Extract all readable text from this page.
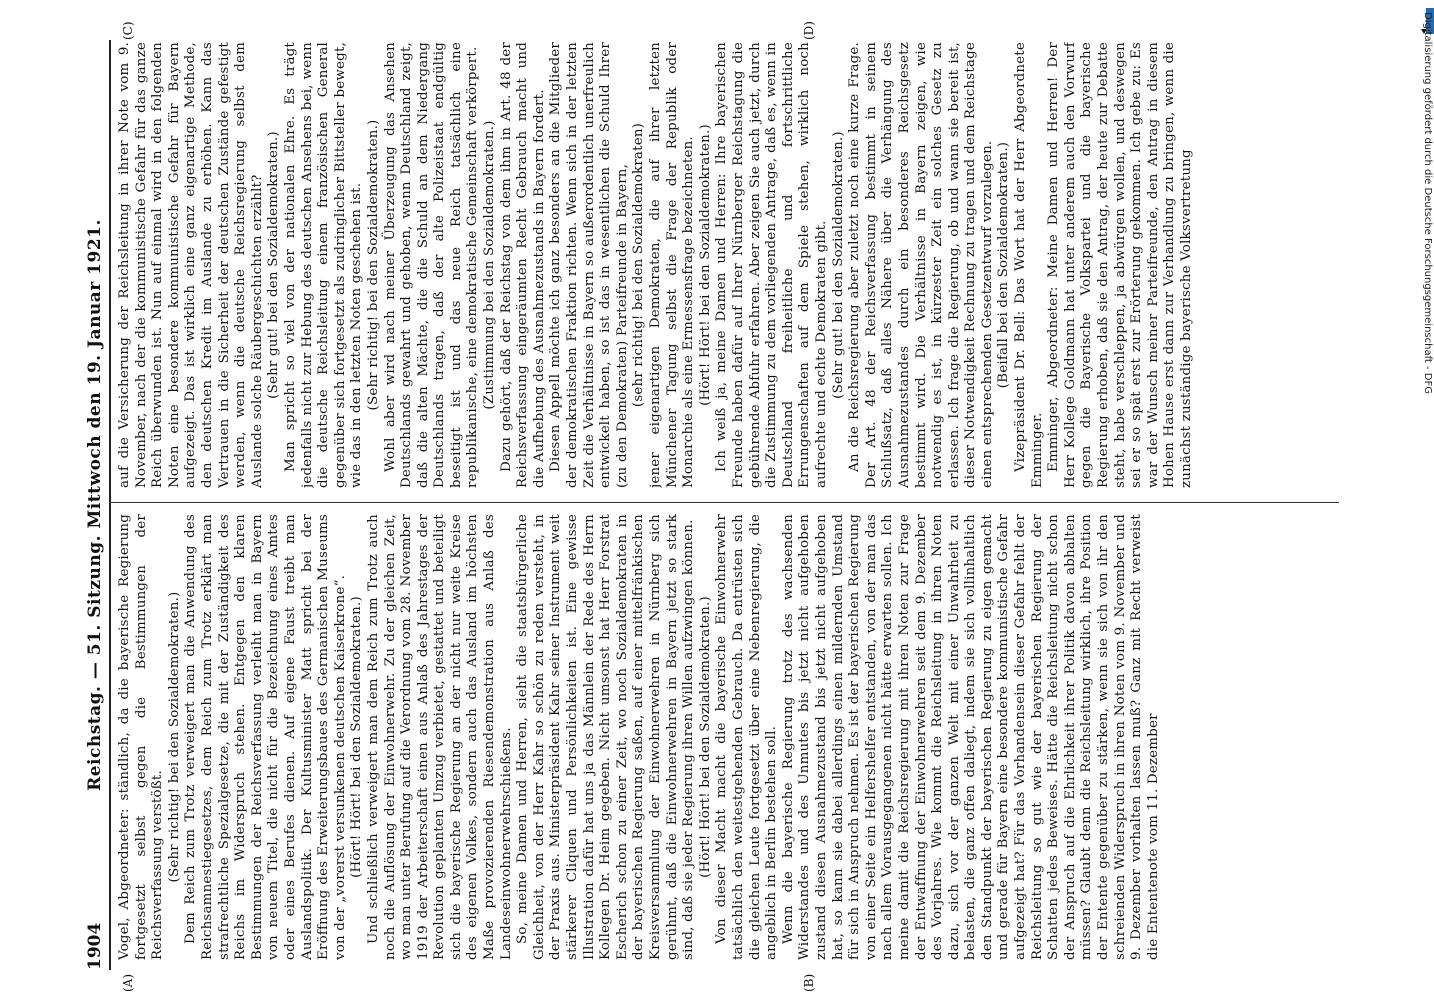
1904
Reichstag. — 51. Sitzung. Mittwoch den 19. Januar 1921.
(A)	(B)
(C)	(D)

Vogel, Abgeordneter: ständlich, da die bayerische Regierung fortgesetzt selbst gegen die Bestimmungen der Reichsverfassung verstößt. (Sehr richtig! bei den Sozialdemokraten.) Dem Reich zum Trotz verweigert man die Anwendung des Reichsamnestiegesetzes, dem Reich zum Trotz erklärt man strafrechtliche Spezialgesetze, die mit der Zuständigkeit des Reichs im Widerspruch stehen. Entgegen den klaren Bestimmungen der Reichsverfassung verleiht man in Bayern von neuem Titel, die nicht für die Bezeichnung eines Amtes oder eines Berufes dienen. Auf eigene Faust treibt man Auslandspolitik. Der Kultusminister Matt spricht bei der Eröffnung des Erweiterungsbaues des Germanischen Museums von der „vorerst versunkenen deutschen Kaiserkrone“. (Hört! Hört! bei den Sozialdemokraten.) Und schließlich verweigert man dem Reich zum Trotz auch noch die Auflösung der Einwohnerwehr. Zu der gleichen Zeit, wo man unter Berufung auf die Verordnung vom 28. November 1919 der Arbeiterschaft einen aus Anlaß des Jahrestages der Revolution geplanten Umzug verbietet, gestattet und beteiligt sich die bayerische Regierung an der nicht nur weite Kreise des eigenen Volkes, sondern auch das Ausland im höchsten Maße provozierenden Riesendemonstration aus Anlaß des Landeseinwohnerwehrschießens. So, meine Damen und Herren, sieht die staatsbürgerliche Gleichheit, von der Herr Kahr so schön zu reden versteht, in der Praxis aus. Ministerpräsident Kahr seiner Instrument weit stärkerer Cliquen und Persönlichkeiten ist. Eine gewisse Illustration dafür hat uns ja das Männlein der Rede des Herrn Kollegen Dr. Heim gegeben. Nicht umsonst hat Herr Forstrat Escherich schon zu einer Zeit, wo noch Sozialdemokraten in der bayerischen Regierung saßen, auf einer mittelfränkischen Kreisversammlung der Einwohnerwehren in Nürnberg sich gerühmt, daß die Einwohnerwehren in Bayern jetzt so stark sind, daß sie jeder Regierung ihren Willen aufzwingen können. (Hört! Hört! bei den Sozialdemokraten.) Von dieser Macht macht die bayerische Einwohnerwehr tatsächlich den weitestgehenden Gebrauch. Da entrüsten sich die gleichen Leute fortgesetzt über eine Nebenregierung, die angeblich in Berlin bestehen soll. Wenn die bayerische Regierung trotz des wachsenden Widerstandes und des Unmutes bis jetzt nicht aufgehoben zustand diesen Ausnahmezustand bis jetzt nicht aufgehoben hat, so kann sie dabei allerdings einen mildernden Umstand für sich in Anspruch nehmen. Es ist der bayerischen Regierung von einer Seite ein Helfershelfer entstanden, von der man das nach allem Vorausgegangenen nicht hätte erwarten sollen. Ich meine damit die Reichsregierung mit ihren Noten zur Frage der Entwaffnung der Einwohnerwehren seit dem 9. Dezember des Vorjahres. Wie kommt die Reichsleitung in ihren Noten dazu, sich vor der ganzen Welt mit einer Unwahrheit zu belasten, die ganz offen daliegt, indem sie sich vollinhaltlich den Standpunkt der bayerischen Regierung zu eigen gemacht und gerade für Bayern eine besondere kommunistische Gefahr aufgezeigt hat? Für das Vorhandensein dieser Gefahr fehlt der Reichsleitung so gut wie der bayerischen Regierung der Schatten jedes Beweises. Hätte die Reichsleitung nicht schon der Anspruch auf die Ehrlichkeit ihrer Politik davon abhalten müssen? Glaubt denn die Reichsleitung wirklich, ihre Position der Entente gegenüber zu stärken, wenn sie sich von ihr den schreienden Widerspruch in ihren Noten vom 9. November und 9. Dezember vorhalten lassen muß? Ganz mit Recht verweist die Ententenote vom 11. Dezember

auf die Versicherung der Reichsleitung in ihrer Note vom 9. November, nach der die kommunistische Gefahr für das ganze Reich überwunden ist. Nun auf einmal wird in den folgenden Noten eine besondere kommunistische Gefahr für Bayern aufgezeigt. Das ist wirklich eine ganz eigenartige Methode, den deutschen Kredit im Auslande zu erhöhen. Kann das Vertrauen in die Sicherheit der deutschen Zustände gefestigt werden, wenn die deutsche Reichsregierung selbst dem Auslande solche Räubergeschichten erzählt? (Sehr gut! bei den Sozialdemokraten.) Man spricht so viel von der nationalen Ehre. Es trägt jedenfalls nicht zur Hebung des deutschen Ansehens bei, wenn die deutsche Reichsleitung einem französischen General gegenüber sich fortgesetzt als zudringlicher Bittsteller bewegt, wie das in den letzten Noten geschehen ist. (Sehr richtig! bei den Sozialdemokraten.) Wohl aber wird nach meiner Überzeugung das Ansehen Deutschlands gewahrt und gehoben, wenn Deutschland zeigt, daß die alten Mächte, die die Schuld an dem Niedergang Deutschlands tragen, daß der alte Polizeistaat endgültig beseitigt ist und das neue Reich tatsächlich eine republikanische, eine demokratische Gemeinschaft verkörpert. (Zustimmung bei den Sozialdemokraten.) Dazu gehört, daß der Reichstag von dem ihm in Art. 48 der Reichsverfassung eingeräumten Recht Gebrauch macht und die Aufhebung des Ausnahmezustands in Bayern fordert. Diesen Appell möchte ich ganz besonders an die Mitglieder der demokratischen Fraktion richten. Wenn sich in der letzten Zeit die Verhältnisse in Bayern so außerordentlich unerfreulich entwickelt haben, so ist das in wesentlichen die Schuld Ihrer (zu den Demokraten) Parteifreunde in Bayern, (sehr richtig! bei den Sozialdemokraten) jener eigenartigen Demokraten, die auf ihrer letzten Münchener Tagung selbst die Frage der Republik oder Monarchie als eine Ermessensfrage bezeichneten. (Hört! Hört! bei den Sozialdemokraten.) Ich weiß ja, meine Damen und Herren: Ihre bayerischen Freunde haben dafür auf Ihrer Nürnberger Reichstagung die gebührende Abfuhr erfahren. Aber zeigen Sie auch jetzt, durch die Zustimmung zu dem vorliegenden Antrage, daß es, wenn in Deutschland freiheitliche und fortschrittliche Errungenschaften auf dem Spiele stehen, wirklich noch aufrechte und echte Demokraten gibt. (Sehr gut! bei den Sozialdemokraten.) An die Reichsregierung aber zuletzt noch eine kurze Frage. Der Art. 48 der Reichsverfassung bestimmt in seinem Schlußsatz, daß alles Nähere über die Verhängung des Ausnahmezustandes durch ein besonderes Reichsgesetz bestimmt wird. Die Verhältnisse in Bayern zeigen, wie notwendig es ist, in kürzester Zeit ein solches Gesetz zu erlassen. Ich frage die Regierung, ob und wann sie bereit ist, dieser Notwendigkeit Rechnung zu tragen und dem Reichstage einen entsprechenden Gesetzentwurf vorzulegen. (Beifall bei den Sozialdemokraten.) Vizepräsident Dr. Bell: Das Wort hat der Herr Abgeordnete Emminger. Emminger, Abgeordneter: Meine Damen und Herren! Der Herr Kollege Goldmann hat unter anderem auch den Vorwurf gegen die Bayerische Volkspartei und die bayerische Regierung erhoben, daß sie den Antrag, der heute zur Debatte steht, habe verschleppen, ja abwürgen wollen, und deswegen sei er so spät erst zur Erörterung gekommen. Ich gebe zu: Es war der Wunsch meiner Parteifreunde, den Antrag in diesem Hohen Hause erst dann zur Verhandlung zu bringen, wenn die zunächst zuständige bayerische Volksvertretung	Digitalisierung gefördert durch die Deutsche Forschungsgemeinschaft - DFG
